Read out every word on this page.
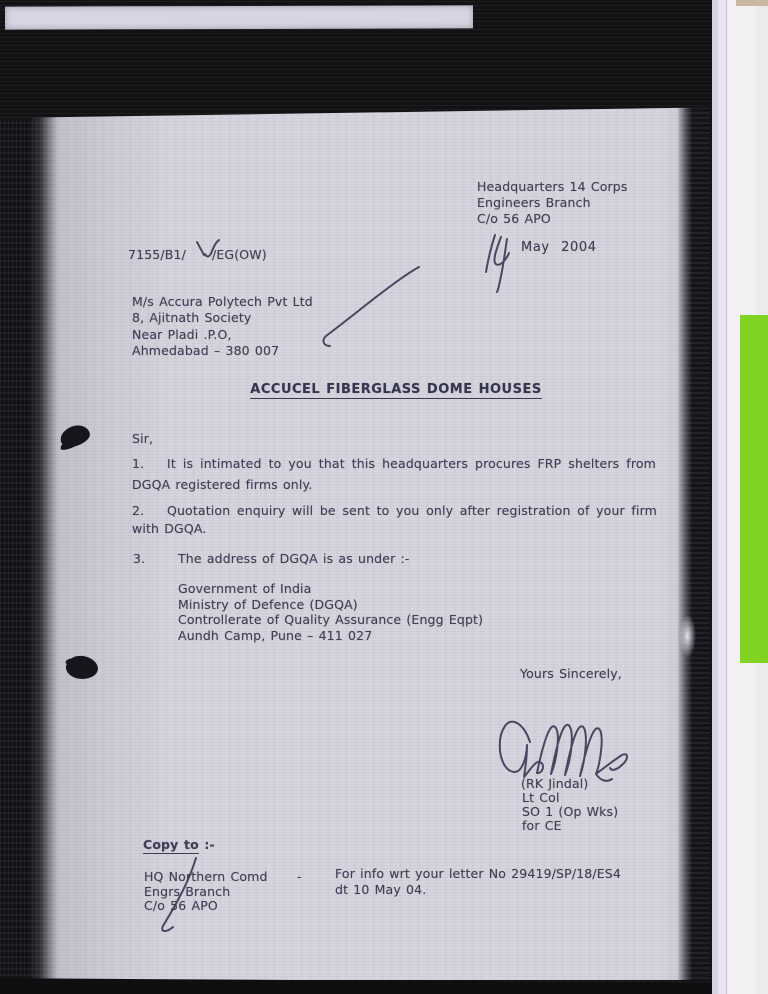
Headquarters 14 Corps
Engineers Branch
C/o 56 APO
May  2004
7155/B1/ /EG(OW)
M/s Accura Polytech Pvt Ltd
8, Ajitnath Society
Near Pladi .P.O,
Ahmedabad – 380 007
ACCUCEL FIBERGLASS DOME HOUSES
Sir,
1. It is intimated to you that this headquarters procures FRP shelters from
DGQA registered firms only.
2. Quotation enquiry will be sent to you only after registration of your firm
with DGQA.
3.	The address of DGQA is as under :-
Government of India
Ministry of Defence (DGQA)
Controllerate of Quality Assurance (Engg Eqpt)
Aundh Camp, Pune – 411 027
Yours Sincerely,
(RK Jindal)
Lt Col
SO 1 (Op Wks)
for CE
Copy to :-
HQ Northern Comd
Engrs Branch
C/o 56 APO
-	For info wrt your letter No 29419/SP/18/ES4
dt 10 May 04.
